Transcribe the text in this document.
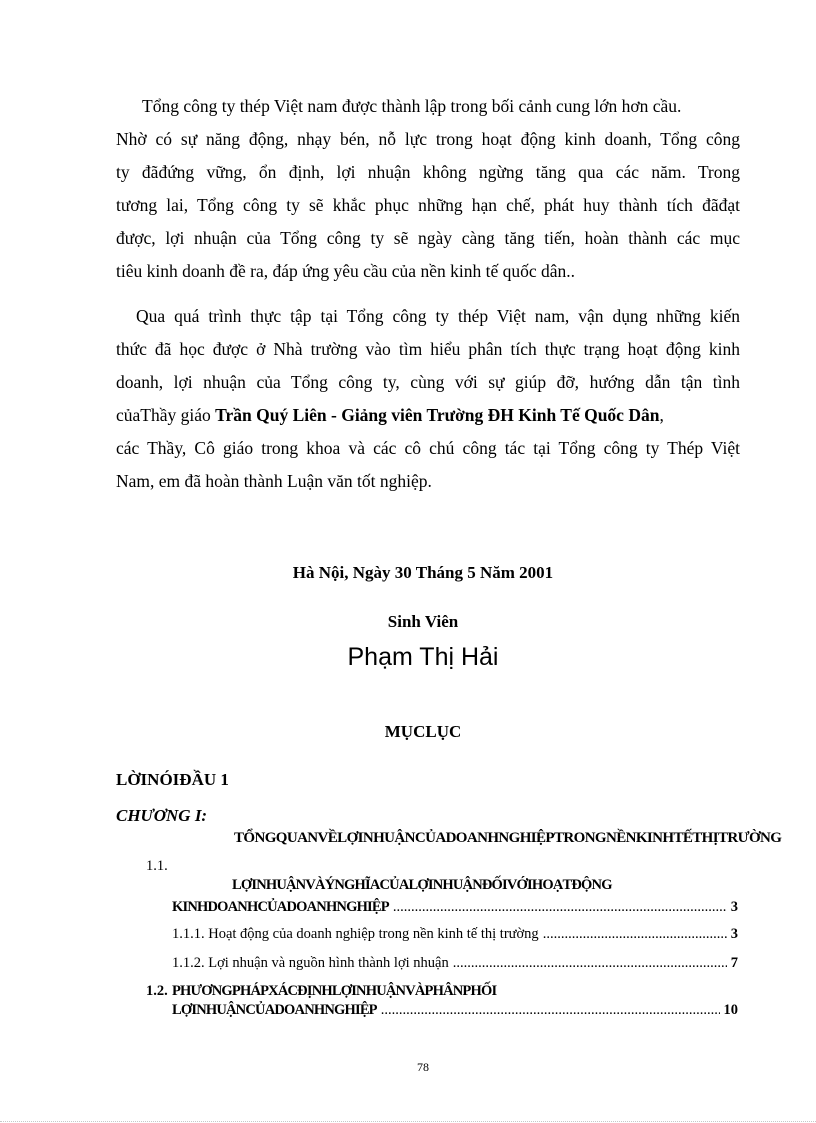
Tổng công ty thép Việt nam được thành lập trong bối cảnh cung lớn hơn cầu.
Nhờ có sự năng động, nhạy bén, nỗ lực trong hoạt động kinh doanh, Tổng công
ty đãđứng vững, ổn định, lợi nhuận không ngừng tăng qua các năm. Trong
tương lai, Tổng công ty sẽ khắc phục những hạn chế, phát huy thành tích đãđạt
được, lợi nhuận của Tổng công ty sẽ ngày càng tăng tiến, hoàn thành các mục
tiêu kinh doanh đề ra, đáp ứng yêu cầu của nền kinh tế quốc dân..
Qua quá trình thực tập tại Tổng công ty thép Việt nam, vận dụng những kiến
thức đã học được ở Nhà trường vào tìm hiểu phân tích thực trạng hoạt động kinh
doanh, lợi nhuận của Tổng công ty, cùng với sự giúp đỡ, hướng dẫn tận tình
củaThầy giáo Trần Quý Liên - Giảng viên Trường ĐH Kinh Tế Quốc Dân,
các Thầy, Cô giáo trong khoa và các cô chú công tác tại Tổng công ty Thép Việt
Nam, em đã hoàn thành Luận văn tốt nghiệp.

Hà Nội, Ngày 30 Tháng 5 Năm 2001

Sinh Viên

Phạm Thị Hải

MỤCLỤC

LỜINÓIĐẦU 1

CHƯƠNG I:

TỔNGQUANVỀLỢINHUẬNCỦADOANHNGHIỆPTRONGNỀNKINHTẾTHỊTRƯỜNG

1.1.

LỢINHUẬNVÀÝNGHĨACỦALỢINHUẬNĐỐIVỚIHOẠTĐỘNG

KINHDOANHCỦADOANHNGHIỆP .....	3
1.1.1. Hoạt động của doanh nghiệp trong nền kinh tế thị trường .....	3
1.1.2. Lợi nhuận và nguồn hình thành lợi nhuận .....	7

1.2. PHƯƠNGPHÁPXÁCĐỊNHLỢINHUẬNVÀPHÂNPHỐI

LỢINHUẬNCỦADOANHNGHIỆP .....	10

78
